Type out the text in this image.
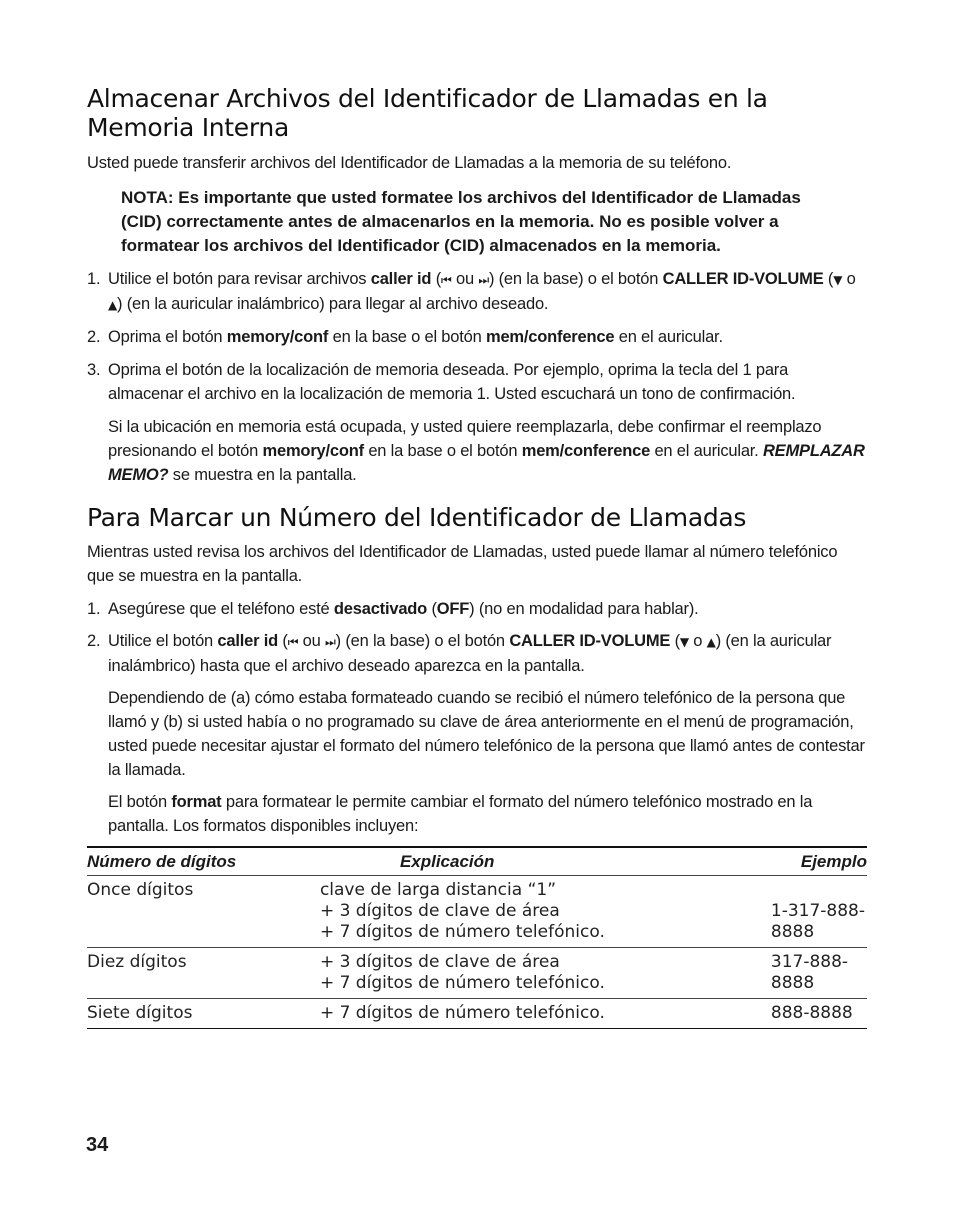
Almacenar Archivos del Identificador de Llamadas en la Memoria Interna

Usted puede transferir archivos del Identificador de Llamadas a la memoria de su teléfono.

NOTA: Es importante que usted formatee los archivos del Identificador de Llamadas (CID) correctamente antes de almacenarlos en la memoria. No es posible volver a formatear los archivos del Identificador (CID) almacenados en la memoria.

1. Utilice el botón para revisar archivos caller id (⏮ ou ⏭) (en la base) o el botón CALLER ID-VOLUME (▼ o ▲) (en la auricular inalámbrico) para llegar al archivo deseado.
2. Oprima el botón memory/conf en la base o el botón mem/conference en el auricular.
3. Oprima el botón de la localización de memoria deseada. Por ejemplo, oprima la tecla del 1 para almacenar el archivo en la localización de memoria 1. Usted escuchará un tono de confirmación.

Si la ubicación en memoria está ocupada, y usted quiere reemplazarla, debe confirmar el reemplazo presionando el botón memory/conf en la base o el botón mem/conference en el auricular. REMPLAZAR MEMO? se muestra en la pantalla.

Para Marcar un Número del Identificador de Llamadas

Mientras usted revisa los archivos del Identificador de Llamadas, usted puede llamar al número telefónico que se muestra en la pantalla.

1. Asegúrese que el teléfono esté desactivado (OFF) (no en modalidad para hablar).
2. Utilice el botón caller id (⏮ ou ⏭) (en la base) o el botón CALLER ID-VOLUME (▼ o ▲) (en la auricular inalámbrico) hasta que el archivo deseado aparezca en la pantalla.

Dependiendo de (a) cómo estaba formateado cuando se recibió el número telefónico de la persona que llamó y (b) si usted había o no programado su clave de área anteriormente en el menú de programación, usted puede necesitar ajustar el formato del número telefónico de la persona que llamó antes de contestar la llamada.

El botón format para formatear le permite cambiar el formato del número telefónico mostrado en la pantalla. Los formatos disponibles incluyen:

Número de dígitos	Explicación	Ejemplo
Once dígitos	clave de larga distancia “1”
+ 3 dígitos de clave de área
+ 7 dígitos de número telefónico.	1-317-888-8888
Diez dígitos	+ 3 dígitos de clave de área
+ 7 dígitos de número telefónico.	317-888-8888
Siete dígitos	+ 7 dígitos de número telefónico.	888-8888
34
